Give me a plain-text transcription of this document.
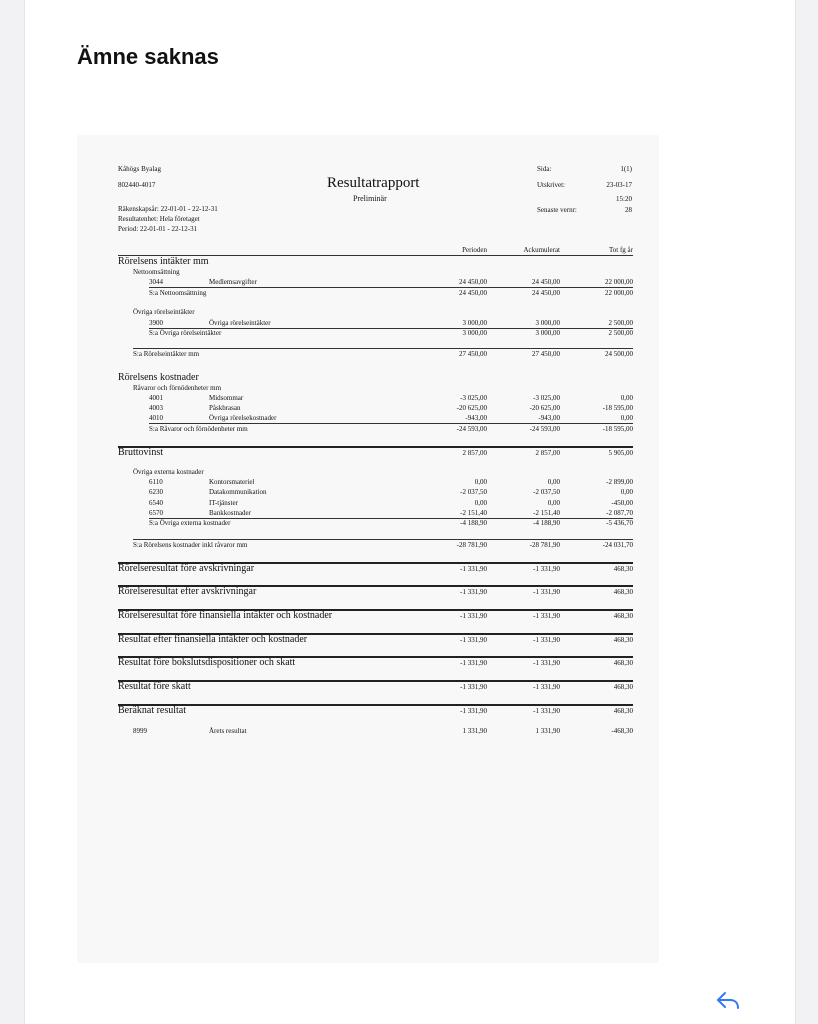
Ämne saknas
Kåhögs Byalag
802440-4017	Resultatrapport
Preliminär
Räkenskapsår: 22-01-01 - 22-12-31
Resultatenhet: Hela företaget
Period: 22-01-01 - 22-12-31
Sida:	1(1)
Utskrivet:	23-03-17
15:20
Senaste vernr:	28
Perioden	Ackumulerat	Tot fg år
Rörelsens intäkter mm
Nettoomsättning
3044	Medlemsavgifter	24 450,00	24 450,00	22 000,00
S:a Nettoomsättning	24 450,00	24 450,00	22 000,00
Övriga rörelseintäkter
3900	Övriga rörelseintäkter	3 000,00	3 000,00	2 500,00
S:a Övriga rörelseintäkter	3 000,00	3 000,00	2 500,00
S:a Rörelseintäkter mm	27 450,00	27 450,00	24 500,00
Rörelsens kostnader
Råvaror och förnödenheter mm
4001	Midsommar	-3 025,00	-3 025,00	0,00
4003	Påskbrasan	-20 625,00	-20 625,00	-18 595,00
4010	Övriga rörelsekostnader	-943,00	-943,00	0,00
S:a Råvaror och förnödenheter mm	-24 593,00	-24 593,00	-18 595,00
Bruttovinst	2 857,00	2 857,00	5 905,00
Övriga externa kostnader
6110	Kontorsmateriel	0,00	0,00	-2 899,00
6230	Datakommunikation	-2 037,50	-2 037,50	0,00
6540	IT-tjänster	0,00	0,00	-450,00
6570	Bankkostnader	-2 151,40	-2 151,40	-2 087,70
S:a Övriga externa kostnader	-4 188,90	-4 188,90	-5 436,70
S:a Rörelsens kostnader inkl råvaror mm	-28 781,90	-28 781,90	-24 031,70
Rörelseresultat före avskrivningar	-1 331,90	-1 331,90	468,30
Rörelseresultat efter avskrivningar	-1 331,90	-1 331,90	468,30
Rörelseresultat före finansiella intäkter och kostnader	-1 331,90	-1 331,90	468,30
Resultat efter finansiella intäkter och kostnader	-1 331,90	-1 331,90	468,30
Resultat före bokslutsdispositioner och skatt	-1 331,90	-1 331,90	468,30
Resultat före skatt	-1 331,90	-1 331,90	468,30
Beräknat resultat	-1 331,90	-1 331,90	468,30
8999	Årets resultat	1 331,90	1 331,90	-468,30
